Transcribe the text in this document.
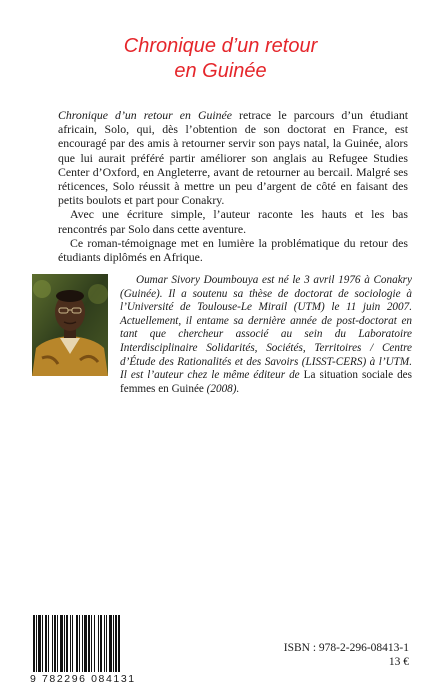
Chronique d’un retour
en Guinée

Chronique d’un retour en Guinée retrace le parcours d’un étudiant africain, Solo, qui, dès l’obtention de son doctorat en France, est encouragé par des amis à retourner servir son pays natal, la Guinée, alors que lui aurait préféré partir améliorer son anglais au Refugee Studies Center d’Oxford, en Angleterre, avant de retourner au bercail. Malgré ses réticences, Solo réussit à mettre un peu d’argent de côté en faisant des petits boulots et part pour Conakry.

Avec une écriture simple, l’auteur raconte les hauts et les bas rencontrés par Solo dans cette aventure.

Ce roman-témoignage met en lumière la problématique du retour des étudiants diplômés en Afrique.

Oumar Sivory Doumbouya est né le 3 avril 1976 à Conakry (Guinée). Il a soutenu sa thèse de doctorat de sociologie à l’Université de Toulouse-Le Mirail (UTM) le 11 juin 2007. Actuellement, il entame sa dernière année de post-doctorat en tant que chercheur associé au sein du Laboratoire Interdisciplinaire Solidarités, Sociétés, Territoires / Centre d’Étude des Rationalités et des Savoirs (LISST-CERS) à l’UTM. Il est l’auteur chez le même éditeur de La situation sociale des femmes en Guinée (2008).
9 782296 084131
ISBN : 978-2-296-08413-1
13 €
